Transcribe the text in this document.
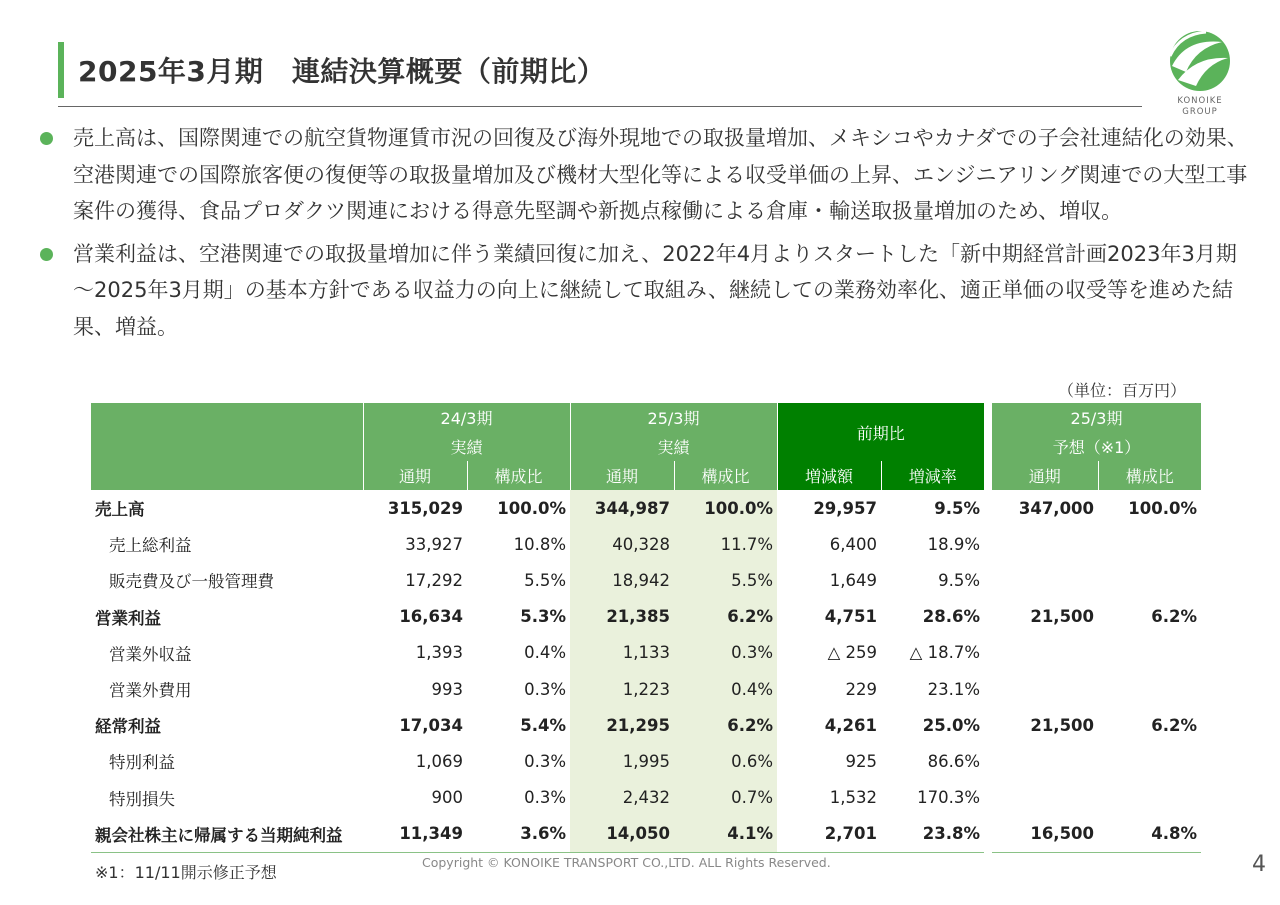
2025年3月期　連結決算概要（前期比）
KONOIKE
GROUP
売上高は、国際関連での航空貨物運賃市況の回復及び海外現地での取扱量増加、メキシコやカナダでの子会社連結化の効果、空港関連での国際旅客便の復便等の取扱量増加及び機材大型化等による収受単価の上昇、エンジニアリング関連での大型工事案件の獲得、食品プロダクツ関連における得意先堅調や新拠点稼働による倉庫・輸送取扱量増加のため、増収。
営業利益は、空港関連での取扱量増加に伴う業績回復に加え、2022年4月よりスタートした「新中期経営計画2023年3月期～2025年3月期」の基本方針である収益力の向上に継続して取組み、継続しての業務効率化、適正単価の収受等を進めた結果、増益。
（単位：百万円）
	24/3期		25/3期		前期比			25/3期	
	実績		実績					予想（※1）	
	通期	構成比	通期	構成比	増減額	増減率		通期	構成比
売上高	315,029	100.0%	344,987	100.0%	29,957	9.5%		347,000	100.0%
売上総利益	33,927	10.8%	40,328	11.7%	6,400	18.9%			
販売費及び一般管理費	17,292	5.5%	18,942	5.5%	1,649	9.5%			
営業利益	16,634	5.3%	21,385	6.2%	4,751	28.6%		21,500	6.2%
営業外収益	1,393	0.4%	1,133	0.3%	△ 259	△ 18.7%			
営業外費用	993	0.3%	1,223	0.4%	229	23.1%			
経常利益	17,034	5.4%	21,295	6.2%	4,261	25.0%		21,500	6.2%
特別利益	1,069	0.3%	1,995	0.6%	925	86.6%			
特別損失	900	0.3%	2,432	0.7%	1,532	170.3%			
親会社株主に帰属する当期純利益	11,349	3.6%	14,050	4.1%	2,701	23.8%		16,500	4.8%
※1：11/11開示修正予想
Copyright © KONOIKE TRANSPORT CO.,LTD. ALL Rights Reserved.	4
